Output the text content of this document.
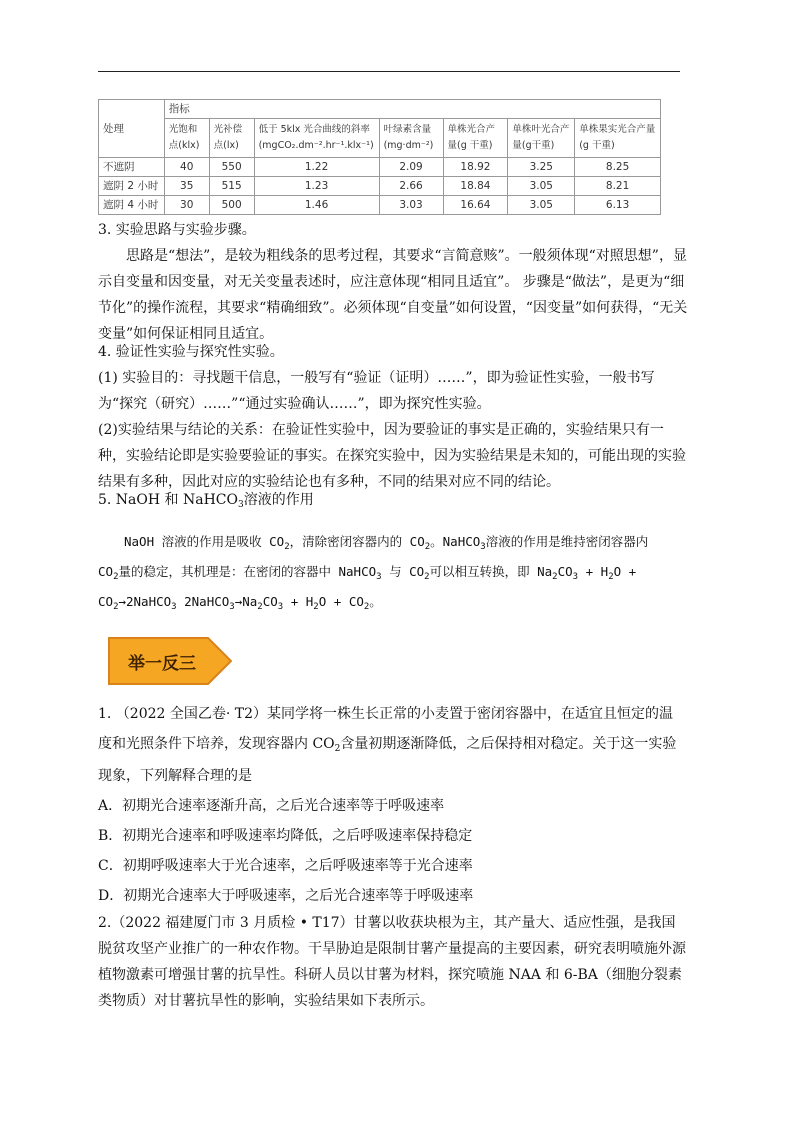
处理	指标						
	光饱和点(klx)	光补偿点(lx)	低于 5klx 光合曲线的斜率(mgCO₂.dm⁻².hr⁻¹.klx⁻¹)	叶绿素含量(mg·dm⁻²)	单株光合产量(g 干重)	单株叶光合产量(g干重)	单株果实光合产量(g 干重)
不遮阴	40	550	1.22	2.09	18.92	3.25	8.25
遮阴 2 小时	35	515	1.23	2.66	18.84	3.05	8.21
遮阴 4 小时	30	500	1.46	3.03	16.64	3.05	6.13

3. 实验思路与实验步骤。

思路是“想法”，是较为粗线条的思考过程，其要求“言简意赅”。一般须体现“对照思想”，显示自变量和因变量，对无关变量表述时，应注意体现“相同且适宜”。 步骤是“做法”，是更为“细节化”的操作流程，其要求“精确细致”。必须体现“自变量”如何设置，“因变量”如何获得，“无关变量”如何保证相同且适宜。

4. 验证性实验与探究性实验。

(1) 实验目的：寻找题干信息，一般写有“验证（证明）……”，即为验证性实验，一般书写为“探究（研究）……”“通过实验确认……”，即为探究性实验。

(2)实验结果与结论的关系：在验证性实验中，因为要验证的事实是正确的，实验结果只有一种，实验结论即是实验要验证的事实。在探究实验中，因为实验结果是未知的，可能出现的实验结果有多种，因此对应的实验结论也有多种，不同的结果对应不同的结论。

5. NaOH 和 NaHCO$_3$溶液的作用
NaOH 溶液的作用是吸收 $CO_2$，清除密闭容器内的 $CO_2$。NaHCO$_3$溶液的作用是维持密闭容器内
$CO_2$量的稳定，其机理是：在密闭的容器中 NaHCO$_3$ 与 $CO_2$可以相互转换，即 $Na_2CO_3 + H_2O$ +
$CO_2\to 2NaHCO_3$ $2NaHCO_3\to Na_2CO_3 + H_2O + CO_2$。
举一反三
1. （2022 全国乙卷· T2）某同学将一株生长正常的小麦置于密闭容器中，在适宜且恒定的温
度和光照条件下培养，发现容器内 $CO_2$含量初期逐渐降低，之后保持相对稳定。关于这一实验
现象，下列解释合理的是
A．初期光合速率逐渐升高，之后光合速率等于呼吸速率
B．初期光合速率和呼吸速率均降低，之后呼吸速率保持稳定
C．初期呼吸速率大于光合速率，之后呼吸速率等于光合速率
D．初期光合速率大于呼吸速率，之后光合速率等于呼吸速率
2.（2022 福建厦门市 3 月质检 • T17）甘薯以收获块根为主，其产量大、适应性强，是我国脱贫攻坚产业推广的一种农作物。干旱胁迫是限制甘薯产量提高的主要因素，研究表明喷施外源植物激素可增强甘薯的抗旱性。科研人员以甘薯为材料，探究喷施 NAA 和 6-BA（细胞分裂素类物质）对甘薯抗旱性的影响，实验结果如下表所示。
